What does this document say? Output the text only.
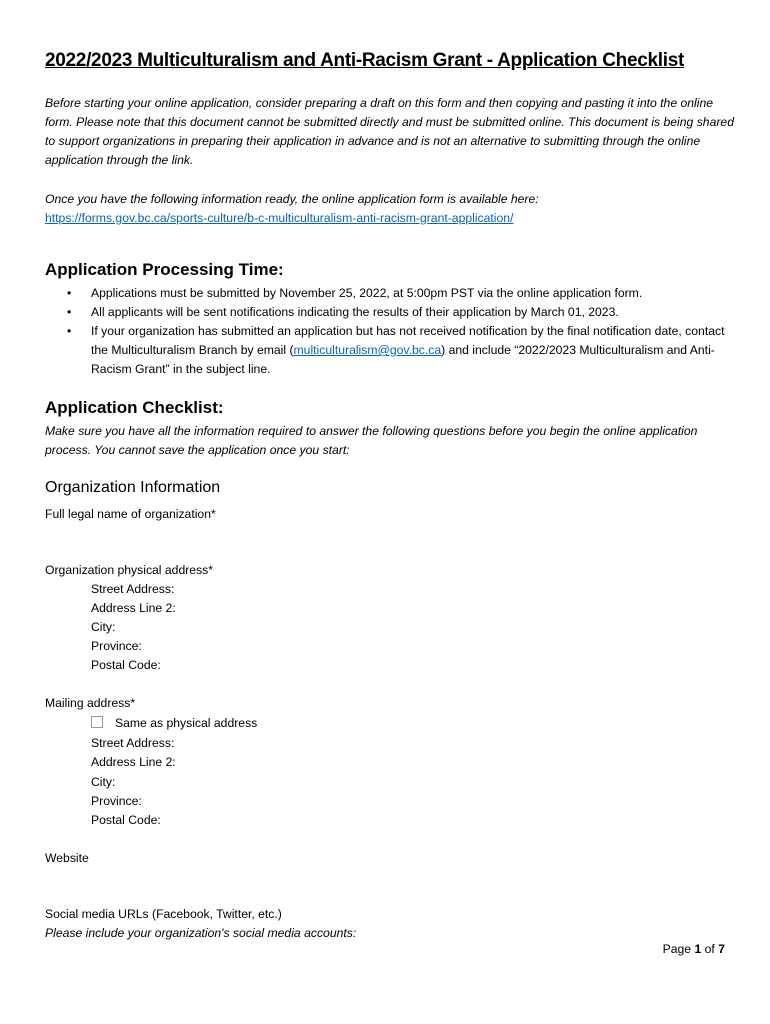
2022/2023 Multiculturalism and Anti-Racism Grant - Application Checklist
Before starting your online application, consider preparing a draft on this form and then copying and pasting it into the online form. Please note that this document cannot be submitted directly and must be submitted online. This document is being shared to support organizations in preparing their application in advance and is not an alternative to submitting through the online application through the link.
Once you have the following information ready, the online application form is available here:
https://forms.gov.bc.ca/sports-culture/b-c-multiculturalism-anti-racism-grant-application/
Application Processing Time:
• Applications must be submitted by November 25, 2022, at 5:00pm PST via the online application form.
• All applicants will be sent notifications indicating the results of their application by March 01, 2023.
• If your organization has submitted an application but has not received notification by the final notification date, contact the Multiculturalism Branch by email (multiculturalism@gov.bc.ca) and include “2022/2023 Multiculturalism and Anti-Racism Grant” in the subject line.
Application Checklist:
Make sure you have all the information required to answer the following questions before you begin the online application process. You cannot save the application once you start:
Organization Information
Full legal name of organization*
Organization physical address*
Street Address:
Address Line 2:
City:
Province:
Postal Code:
Mailing address*
Same as physical address
Street Address:
Address Line 2:
City:
Province:
Postal Code:
Website
Social media URLs (Facebook, Twitter, etc.)
Please include your organization's social media accounts:
Page 1 of 7
